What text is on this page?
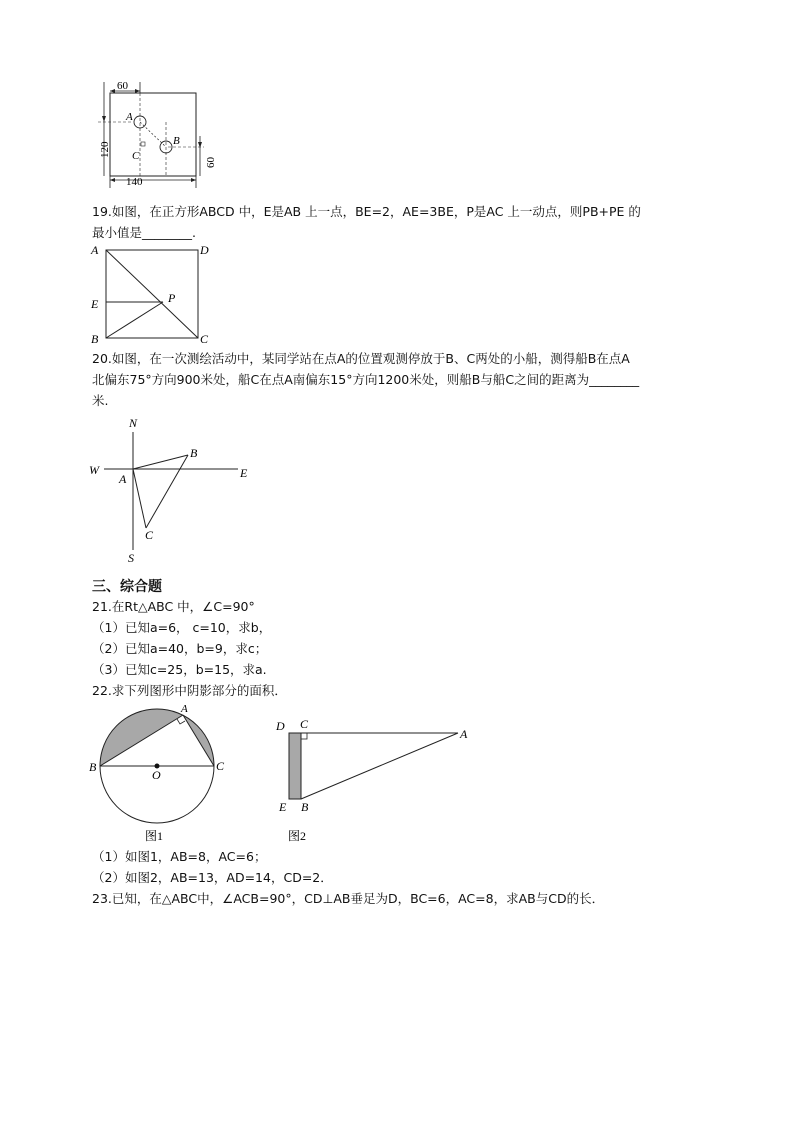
60
120
60
140
A
B
C
19.如图，在正方形ABCD 中，E是AB 上一点，BE=2，AE=3BE，P是AC 上一动点，则PB+PE 的
最小值是________.
A	D
E	P
B	C
20.如图，在一次测绘活动中，某同学站在点A的位置观测停放于B、C两处的小船，测得船B在点A
北偏东75°方向900米处，船C在点A南偏东15°方向1200米处，则船B与船C之间的距离为________
米.
N
S
W	E
A
B
C
三、综合题
21.在Rt△ABC 中，∠C=90°
（1）已知a=6， c=10，求b，
（2）已知a=40，b=9，求c；
（3）已知c=25，b=15，求a.
22.求下列图形中阴影部分的面积．
A
B	C
O
图1
D C
A
E B
图2
（1）如图1，AB=8，AC=6；
（2）如图2，AB=13，AD=14，CD=2．
23.已知，在△ABC中，∠ACB=90°，CD⊥AB垂足为D，BC=6，AC=8，求AB与CD的长．
